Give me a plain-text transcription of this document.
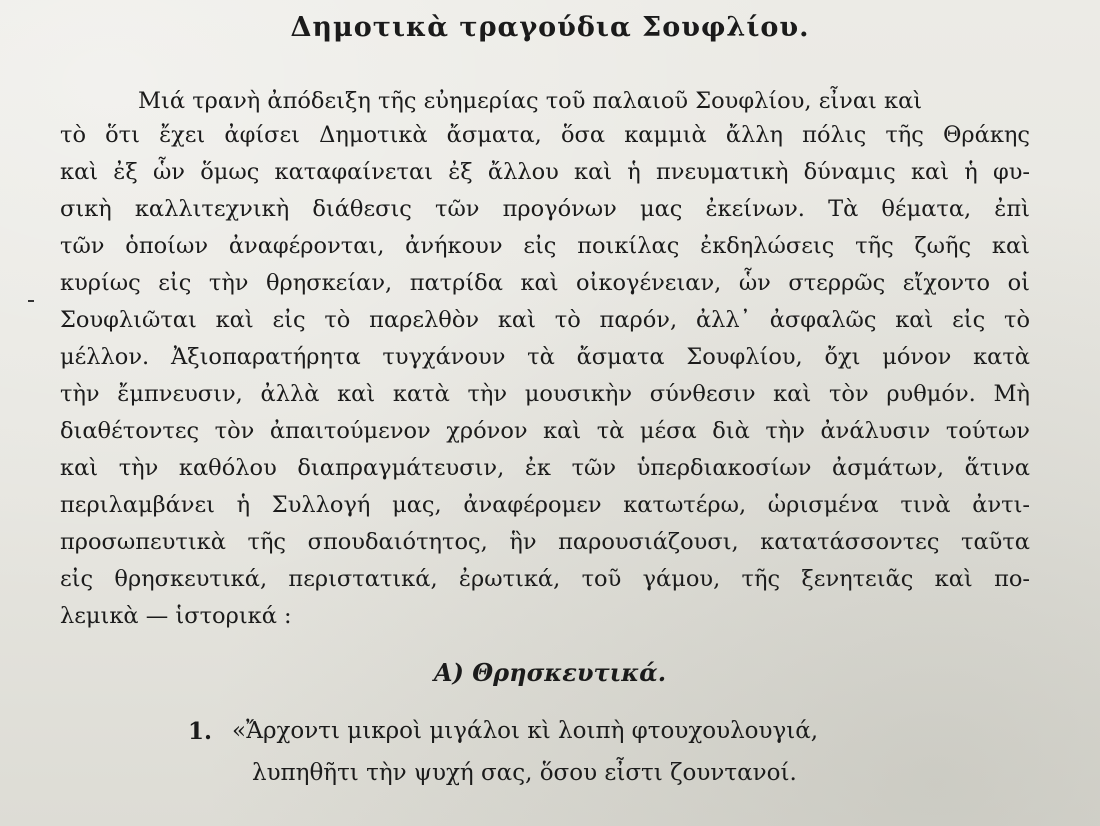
Δημοτικὰ τραγούδια Σουφλίου.
Μιά τρανὴ ἀπόδειξη τῆς εὐημερίας τοῦ παλαιοῦ Σουφλίου, εἶναι καὶ
τὸ ὅτι ἔχει ἀφίσει Δημοτικὰ ἄσματα, ὅσα καμμιὰ ἄλλη πόλις τῆς Θράκης
καὶ ἐξ ὧν ὅμως καταφαίνεται ἐξ ἄλλου καὶ ἡ πνευματικὴ δύναμις καὶ ἡ φυ-
σικὴ καλλιτεχνικὴ διάθεσις τῶν προγόνων μας ἐκείνων. Τὰ θέματα, ἐπὶ
τῶν ὁποίων ἀναφέρονται, ἀνήκουν εἰς ποικίλας ἐκδηλώσεις τῆς ζωῆς καὶ
κυρίως εἰς τὴν θρησκείαν, πατρίδα καὶ οἰκογένειαν, ὧν στερρῶς εἴχοντο οἱ
Σουφλιῶται καὶ εἰς τὸ παρελθὸν καὶ τὸ παρόν, ἀλλ᾽ ἀσφαλῶς καὶ εἰς τὸ
μέλλον. Ἀξιοπαρατήρητα τυγχάνουν τὰ ἄσματα Σουφλίου, ὄχι μόνον κατὰ
τὴν ἔμπνευσιν, ἀλλὰ καὶ κατὰ τὴν μουσικὴν σύνθεσιν καὶ τὸν ρυθμόν. Μὴ
διαθέτοντες τὸν ἀπαιτούμενον χρόνον καὶ τὰ μέσα διὰ τὴν ἀνάλυσιν τούτων
καὶ τὴν καθόλου διαπραγμάτευσιν, ἐκ τῶν ὑπερδιακοσίων ἀσμάτων, ἅτινα
περιλαμβάνει ἡ Συλλογή μας, ἀναφέρομεν κατωτέρω, ὡρισμένα τινὰ ἀντι-
προσωπευτικὰ τῆς σπουδαιότητος, ἣν παρουσιάζουσι, κατατάσσοντες ταῦτα
εἰς θρησκευτικά, περιστατικά, ἐρωτικά, τοῦ γάμου, τῆς ξενητειᾶς καὶ πο-
λεμικὰ — ἱστορικά :
Α) Θρησκευτικά.
1. «Ἄρχοντι μικροὶ μιγάλοι κὶ λοιπὴ φτουχουλουγιά,
λυπηθῆτι τὴν ψυχή σας, ὅσου εἶστι ζουντανοί.
